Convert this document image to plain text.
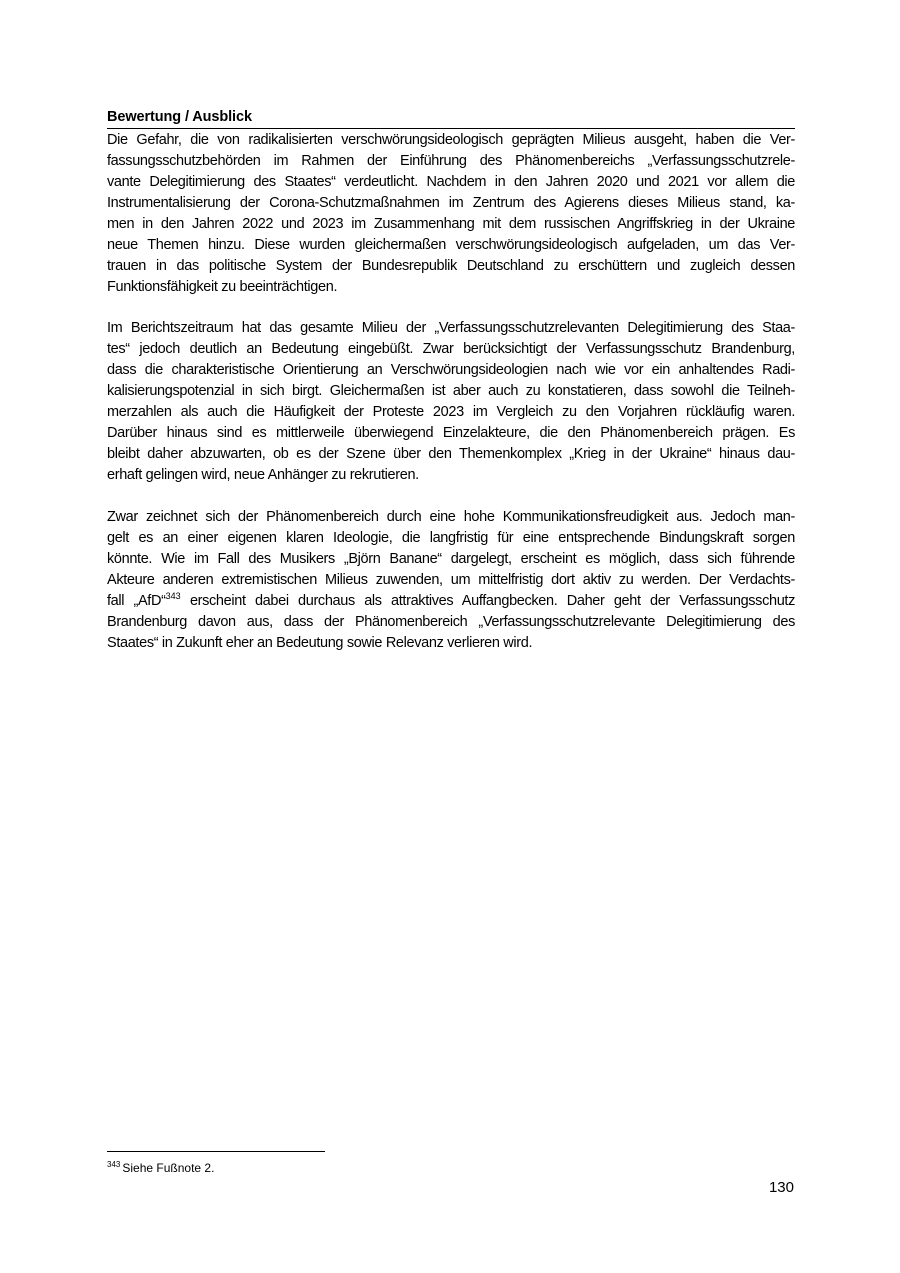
Bewertung / Ausblick
Die Gefahr, die von radikalisierten verschwörungsideologisch geprägten Milieus ausgeht, haben die Ver-
fassungsschutzbehörden im Rahmen der Einführung des Phänomenbereichs „Verfassungsschutzrele-
vante Delegitimierung des Staates“ verdeutlicht. Nachdem in den Jahren 2020 und 2021 vor allem die
Instrumentalisierung der Corona-Schutzmaßnahmen im Zentrum des Agierens dieses Milieus stand, ka-
men in den Jahren 2022 und 2023 im Zusammenhang mit dem russischen Angriffskrieg in der Ukraine
neue Themen hinzu. Diese wurden gleichermaßen verschwörungsideologisch aufgeladen, um das Ver-
trauen in das politische System der Bundesrepublik Deutschland zu erschüttern und zugleich dessen
Funktionsfähigkeit zu beeinträchtigen.
Im Berichtszeitraum hat das gesamte Milieu der „Verfassungsschutzrelevanten Delegitimierung des Staa-
tes“ jedoch deutlich an Bedeutung eingebüßt. Zwar berücksichtigt der Verfassungsschutz Brandenburg,
dass die charakteristische Orientierung an Verschwörungsideologien nach wie vor ein anhaltendes Radi-
kalisierungspotenzial in sich birgt. Gleichermaßen ist aber auch zu konstatieren, dass sowohl die Teilneh-
merzahlen als auch die Häufigkeit der Proteste 2023 im Vergleich zu den Vorjahren rückläufig waren.
Darüber hinaus sind es mittlerweile überwiegend Einzelakteure, die den Phänomenbereich prägen. Es
bleibt daher abzuwarten, ob es der Szene über den Themenkomplex „Krieg in der Ukraine“ hinaus dau-
erhaft gelingen wird, neue Anhänger zu rekrutieren.
Zwar zeichnet sich der Phänomenbereich durch eine hohe Kommunikationsfreudigkeit aus. Jedoch man-
gelt es an einer eigenen klaren Ideologie, die langfristig für eine entsprechende Bindungskraft sorgen
könnte. Wie im Fall des Musikers „Björn Banane“ dargelegt, erscheint es möglich, dass sich führende
Akteure anderen extremistischen Milieus zuwenden, um mittelfristig dort aktiv zu werden. Der Verdachts-
fall „AfD“$^{343}$ erscheint dabei durchaus als attraktives Auffangbecken. Daher geht der Verfassungsschutz
Brandenburg davon aus, dass der Phänomenbereich „Verfassungsschutzrelevante Delegitimierung des
Staates“ in Zukunft eher an Bedeutung sowie Relevanz verlieren wird.
$^{343}$ Siehe Fußnote 2.
130
